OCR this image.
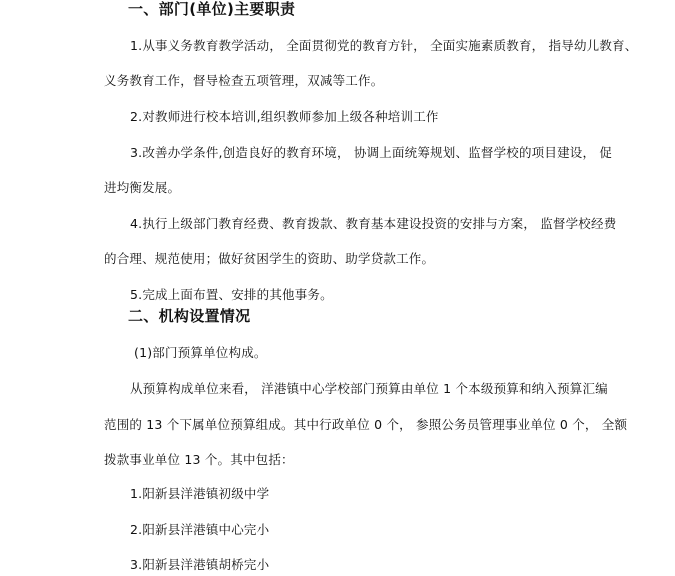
一、部门(单位)主要职责
1.从事义务教育教学活动， 全面贯彻党的教育方针， 全面实施素质教育， 指导幼儿教育、
义务教育工作，督导检查五项管理，双减等工作。
2.对教师进行校本培训,组织教师参加上级各种培训工作
3.改善办学条件,创造良好的教育环境， 协调上面统筹规划、监督学校的项目建设， 促
进均衡发展。
4.执行上级部门教育经费、教育拨款、教育基本建设投资的安排与方案， 监督学校经费
的合理、规范使用；做好贫困学生的资助、助学贷款工作。
5.完成上面布置、安排的其他事务。
二、机构设置情况
(1)部门预算单位构成。
从预算构成单位来看， 洋港镇中心学校部门预算由单位 1 个本级预算和纳入预算汇编
范围的 13 个下属单位预算组成。其中行政单位 0 个， 参照公务员管理事业单位 0 个， 全额
拨款事业单位 13 个。其中包括：
1.阳新县洋港镇初级中学
2.阳新县洋港镇中心完小
3.阳新县洋港镇胡桥完小
